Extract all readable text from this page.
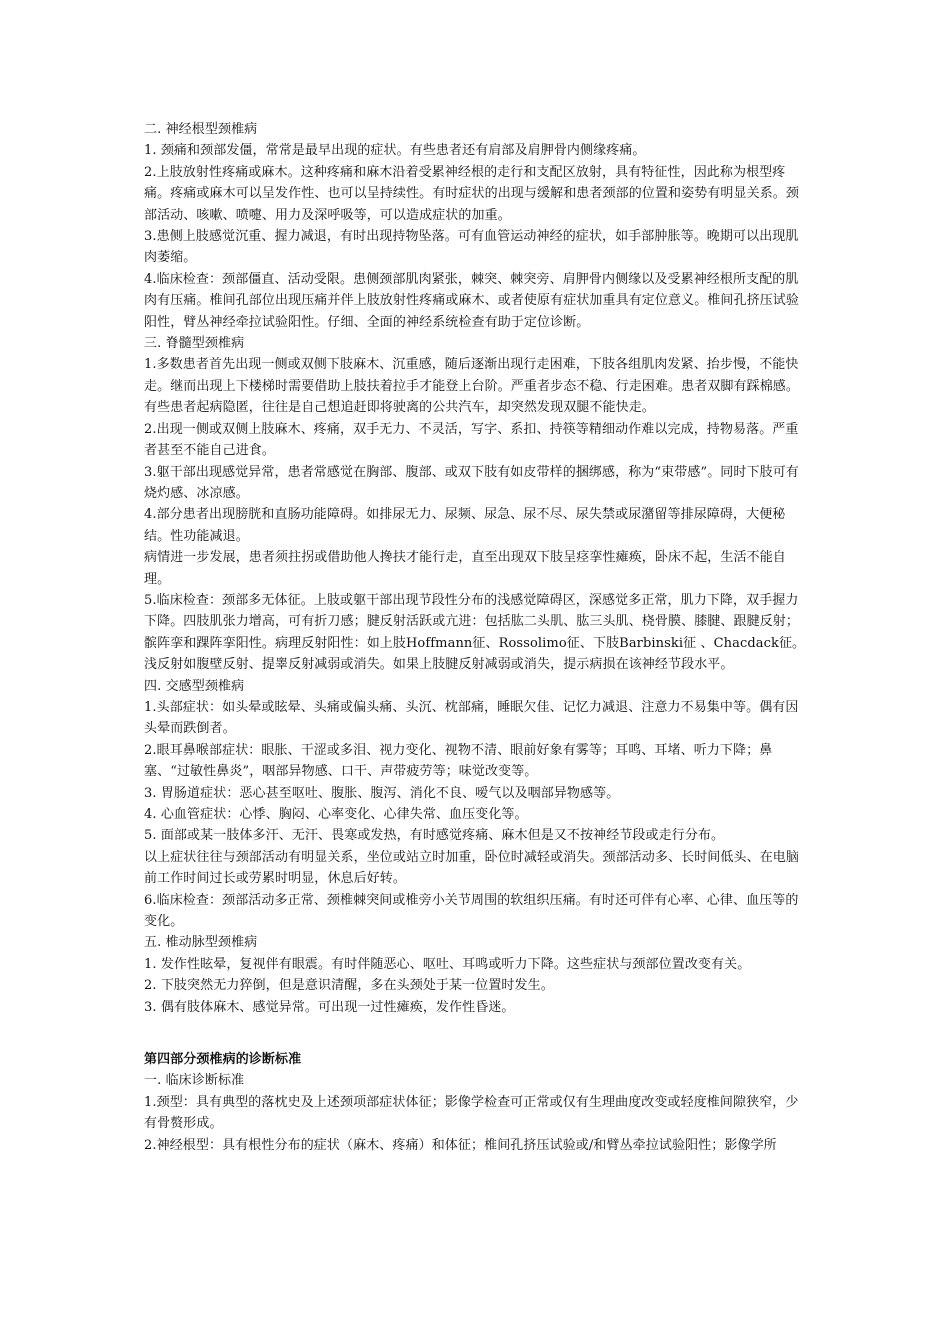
二. 神经根型颈椎病

1. 颈痛和颈部发僵，常常是最早出现的症状。有些患者还有肩部及肩胛骨内侧缘疼痛。

2.上肢放射性疼痛或麻木。这种疼痛和麻木沿着受累神经根的走行和支配区放射，具有特征性，因此称为根型疼痛。疼痛或麻木可以呈发作性、也可以呈持续性。有时症状的出现与缓解和患者颈部的位置和姿势有明显关系。颈部活动、咳嗽、喷嚏、用力及深呼吸等，可以造成症状的加重。

3.患侧上肢感觉沉重、握力减退，有时出现持物坠落。可有血管运动神经的症状，如手部肿胀等。晚期可以出现肌肉萎缩。

4.临床检查：颈部僵直、活动受限。患侧颈部肌肉紧张，棘突、棘突旁、肩胛骨内侧缘以及受累神经根所支配的肌肉有压痛。椎间孔部位出现压痛并伴上肢放射性疼痛或麻木、或者使原有症状加重具有定位意义。椎间孔挤压试验阳性，臂丛神经牵拉试验阳性。仔细、全面的神经系统检查有助于定位诊断。

三. 脊髓型颈椎病

1.多数患者首先出现一侧或双侧下肢麻木、沉重感，随后逐渐出现行走困难，下肢各组肌肉发紧、抬步慢，不能快走。继而出现上下楼梯时需要借助上肢扶着拉手才能登上台阶。严重者步态不稳、行走困难。患者双脚有踩棉感。有些患者起病隐匿，往往是自己想追赶即将驶离的公共汽车，却突然发现双腿不能快走。

2.出现一侧或双侧上肢麻木、疼痛，双手无力、不灵活，写字、系扣、持筷等精细动作难以完成，持物易落。严重者甚至不能自己进食。

3.躯干部出现感觉异常，患者常感觉在胸部、腹部、或双下肢有如皮带样的捆绑感，称为“束带感”。同时下肢可有烧灼感、冰凉感。

4.部分患者出现膀胱和直肠功能障碍。如排尿无力、尿频、尿急、尿不尽、尿失禁或尿潴留等排尿障碍，大便秘结。性功能减退。

病情进一步发展，患者须拄拐或借助他人搀扶才能行走，直至出现双下肢呈痉挛性瘫痪，卧床不起，生活不能自理。

5.临床检查：颈部多无体征。上肢或躯干部出现节段性分布的浅感觉障碍区，深感觉多正常，肌力下降，双手握力下降。四肢肌张力增高，可有折刀感；腱反射活跃或亢进：包括肱二头肌、肱三头肌、桡骨膜、膝腱、跟腱反射；髌阵挛和踝阵挛阳性。病理反射阳性：如上肢Hoffmann征、Rossolimo征、下肢Barbinski征 、Chacdack征。浅反射如腹壁反射、提睾反射减弱或消失。如果上肢腱反射减弱或消失，提示病损在该神经节段水平。

四. 交感型颈椎病

1.头部症状：如头晕或眩晕、头痛或偏头痛、头沉、枕部痛，睡眠欠佳、记忆力减退、注意力不易集中等。偶有因头晕而跌倒者。

2.眼耳鼻喉部症状：眼胀、干涩或多泪、视力变化、视物不清、眼前好象有雾等；耳鸣、耳堵、听力下降；鼻塞、“过敏性鼻炎”，咽部异物感、口干、声带疲劳等；味觉改变等。

3. 胃肠道症状：恶心甚至呕吐、腹胀、腹泻、消化不良、嗳气以及咽部异物感等。

4. 心血管症状：心悸、胸闷、心率变化、心律失常、血压变化等。

5. 面部或某一肢体多汗、无汗、畏寒或发热，有时感觉疼痛、麻木但是又不按神经节段或走行分布。

以上症状往往与颈部活动有明显关系，坐位或站立时加重，卧位时减轻或消失。颈部活动多、长时间低头、在电脑前工作时间过长或劳累时明显，休息后好转。

6.临床检查：颈部活动多正常、颈椎棘突间或椎旁小关节周围的软组织压痛。有时还可伴有心率、心律、血压等的变化。

五. 椎动脉型颈椎病

1. 发作性眩晕，复视伴有眼震。有时伴随恶心、呕吐、耳鸣或听力下降。这些症状与颈部位置改变有关。

2. 下肢突然无力猝倒，但是意识清醒，多在头颈处于某一位置时发生。

3. 偶有肢体麻木、感觉异常。可出现一过性瘫痪，发作性昏迷。

第四部分颈椎病的诊断标准

一. 临床诊断标准

1.颈型：具有典型的落枕史及上述颈项部症状体征；影像学检查可正常或仅有生理曲度改变或轻度椎间隙狭窄，少有骨赘形成。

2.神经根型：具有根性分布的症状（麻木、疼痛）和体征；椎间孔挤压试验或/和臂丛牵拉试验阳性；影像学所
